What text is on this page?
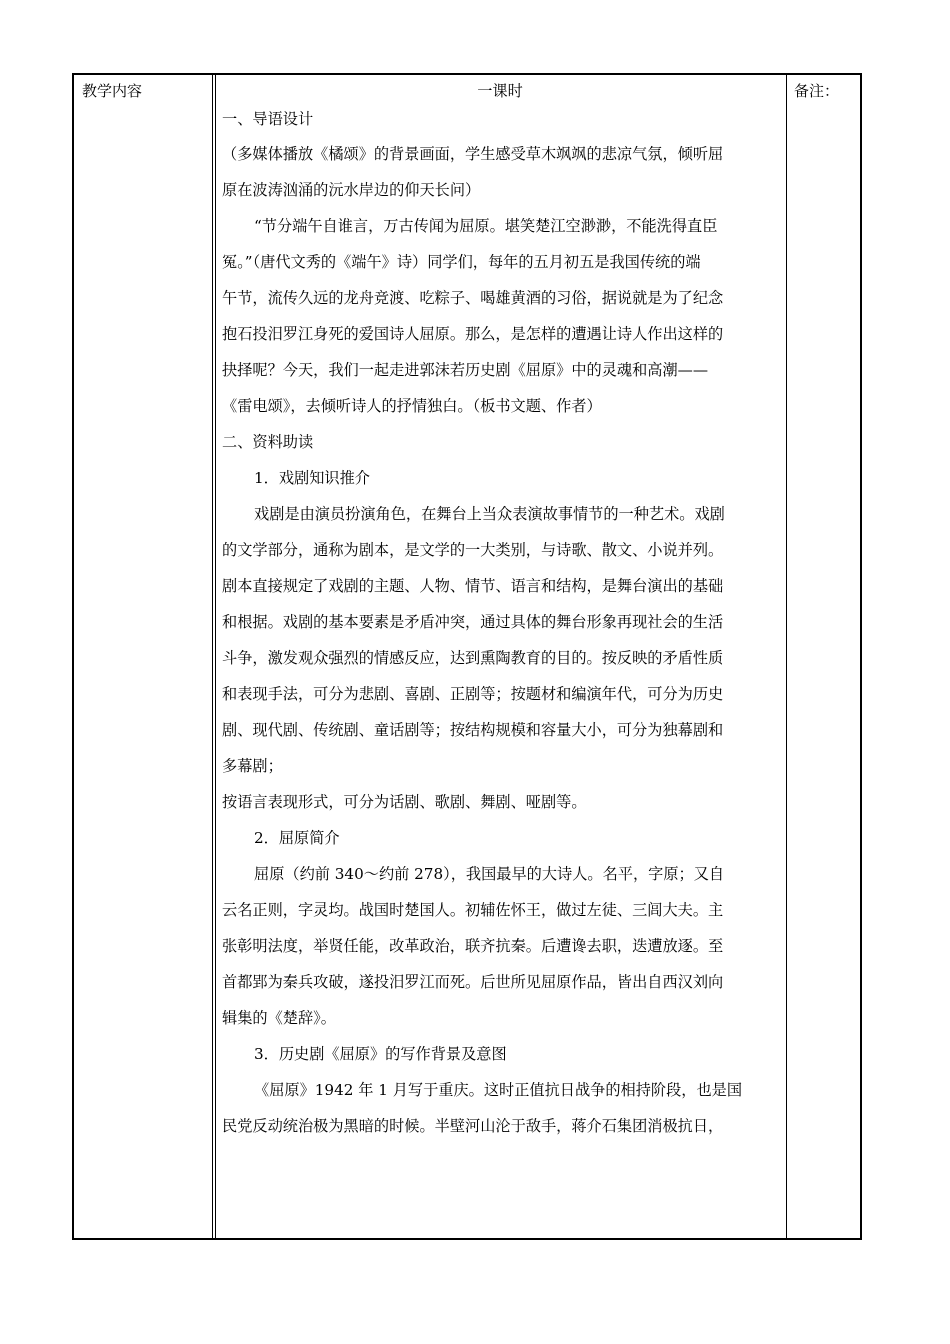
教学内容	备注：
一课时
一、导语设计
（多媒体播放《橘颂》的背景画面，学生感受草木飒飒的悲凉气氛，倾听屈
原在波涛汹涌的沅水岸边的仰天长问）
“节分端午自谁言，万古传闻为屈原。堪笑楚江空渺渺，不能洗得直臣
冤。”（唐代文秀的《端午》诗）同学们，每年的五月初五是我国传统的端
午节，流传久远的龙舟竞渡、吃粽子、喝雄黄酒的习俗，据说就是为了纪念
抱石投汨罗江身死的爱国诗人屈原。那么，是怎样的遭遇让诗人作出这样的
抉择呢？今天，我们一起走进郭沫若历史剧《屈原》中的灵魂和高潮——
《雷电颂》，去倾听诗人的抒情独白。（板书文题、作者）
二、资料助读
1．戏剧知识推介
戏剧是由演员扮演角色，在舞台上当众表演故事情节的一种艺术。戏剧
的文学部分，通称为剧本，是文学的一大类别，与诗歌、散文、小说并列。
剧本直接规定了戏剧的主题、人物、情节、语言和结构，是舞台演出的基础
和根据。戏剧的基本要素是矛盾冲突，通过具体的舞台形象再现社会的生活
斗争，激发观众强烈的情感反应，达到熏陶教育的目的。按反映的矛盾性质
和表现手法，可分为悲剧、喜剧、正剧等；按题材和编演年代，可分为历史
剧、现代剧、传统剧、童话剧等；按结构规模和容量大小，可分为独幕剧和
多幕剧；
按语言表现形式，可分为话剧、歌剧、舞剧、哑剧等。
2．屈原简介
屈原（约前 340～约前 278），我国最早的大诗人。名平，字原；又自
云名正则，字灵均。战国时楚国人。初辅佐怀王，做过左徒、三闾大夫。主
张彰明法度，举贤任能，改革政治，联齐抗秦。后遭谗去职，迭遭放逐。至
首都郢为秦兵攻破，遂投汨罗江而死。后世所见屈原作品，皆出自西汉刘向
辑集的《楚辞》。
3．历史剧《屈原》的写作背景及意图
《屈原》1942 年 1 月写于重庆。这时正值抗日战争的相持阶段，也是国
民党反动统治极为黑暗的时候。半壁河山沦于敌手，蒋介石集团消极抗日，
